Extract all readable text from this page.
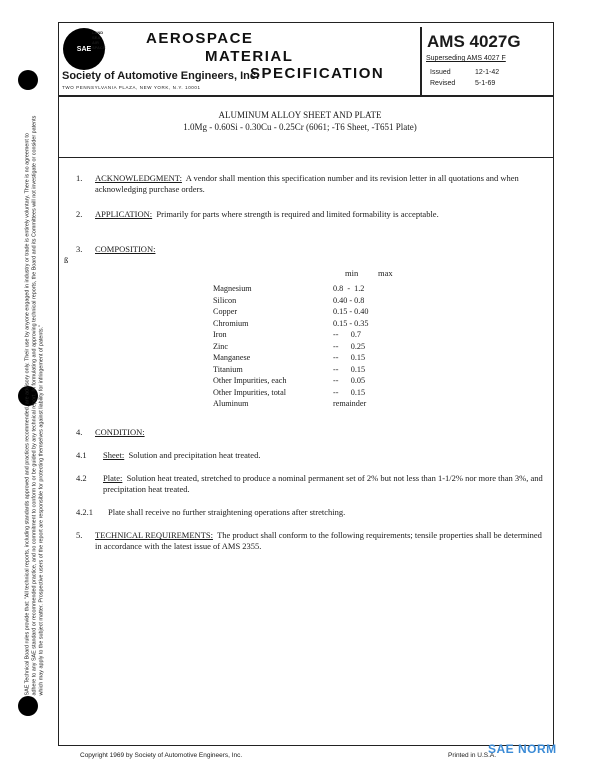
SAE
LAND
SEA
AIR
SPACE
AEROSPACE
MATERIAL
SPECIFICATION
Society of Automotive Engineers, Inc.
TWO PENNSYLVANIA PLAZA, NEW YORK, N.Y. 10001
AMS 4027G
Superseding AMS 4027 F
Issued	12-1-42
Revised	5-1-69
ALUMINUM ALLOY SHEET AND PLATE
1.0Mg - 0.60Si - 0.30Cu - 0.25Cr (6061; -T6 Sheet, -T651 Plate)
SAE Technical Board rules provide that: "All technical reports, including standards approved and practices recommended, are advisory only. Their use by anyone engaged in industry or trade is entirely voluntary. There is no agreement to adhere to any SAE standard or recommended practice, and no commitment to conform to or be guided by any technical report. In formulating and approving technical reports, the Board and its Committees will not investigate or consider patents which may apply to the subject matter. Prospective users of the report are responsible for protecting themselves against liability for infringement of patents."
1. ACKNOWLEDGMENT: A vendor shall mention this specification number and its revision letter in all quotations and when acknowledging purchase orders.
2. APPLICATION: Primarily for parts where strength is required and limited formability is acceptable.
3. COMPOSITION:
ß
min max
Magnesium	0.8  -  1.2
Silicon	0.40 - 0.8
Copper	0.15 - 0.40
Chromium	0.15 - 0.35
Iron	--      0.7
Zinc	--      0.25
Manganese	--      0.15
Titanium	--      0.15
Other Impurities, each	--      0.05
Other Impurities, total	--      0.15
Aluminum	remainder
4. CONDITION:
4.1 Sheet: Solution and precipitation heat treated.
4.2 Plate: Solution heat treated, stretched to produce a nominal permanent set of 2% but not less than 1-1/2% nor more than 3%, and precipitation heat treated.
4.2.1 Plate shall receive no further straightening operations after stretching.
5. TECHNICAL REQUIREMENTS: The product shall conform to the following requirements; tensile properties shall be determined in accordance with the latest issue of AMS 2355.
Copyright 1969 by Society of Automotive Engineers, Inc.	Printed in U.S.A.
SAE NORM
